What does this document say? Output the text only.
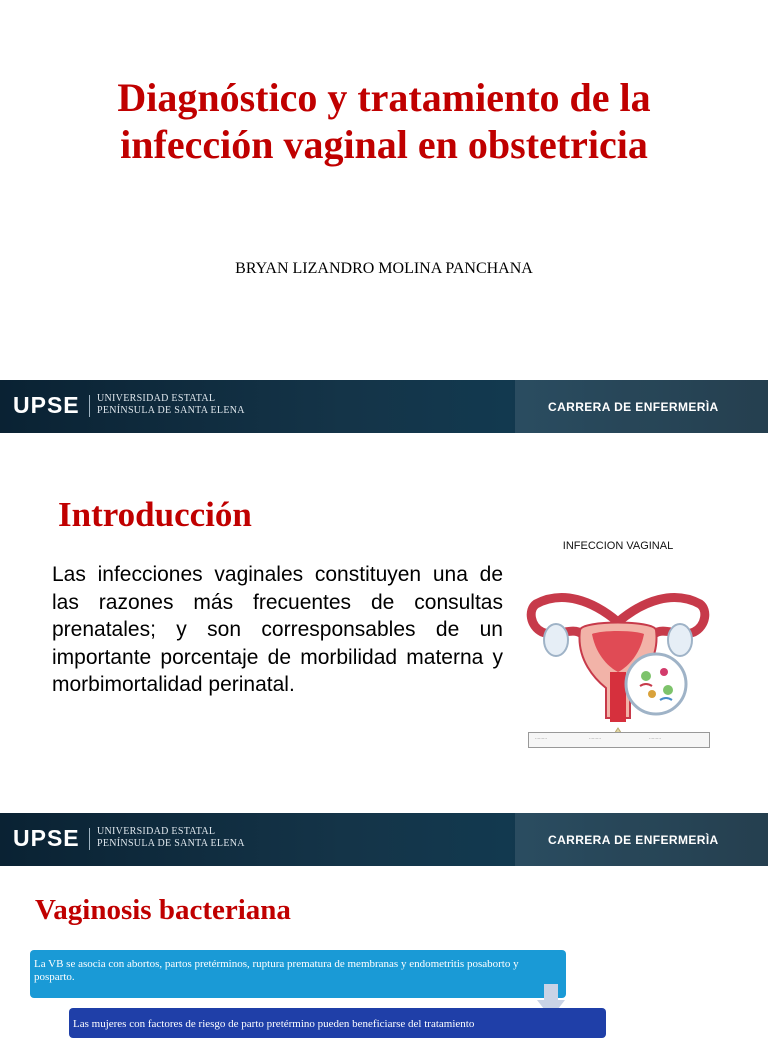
Diagnóstico y tratamiento de la infección vaginal en obstetricia
BRYAN LIZANDRO MOLINA PANCHANA
UPSE UNIVERSIDAD ESTATAL
PENÍNSULA DE SANTA ELENA	CARRERA DE ENFERMERÌA
Introducción

Las infecciones vaginales constituyen una de las razones más frecuentes de consultas prenatales; y son corresponsables de un importante porcentaje de morbilidad materna y morbimortalidad perinatal.

INFECCION VAGINAL
·········	·········	·········
UPSE UNIVERSIDAD ESTATAL
PENÍNSULA DE SANTA ELENA	CARRERA DE ENFERMERÌA
Vaginosis bacteriana

La VB se asocia con abortos, partos pretérminos, ruptura prematura de membranas y endometritis posaborto y posparto.

Las mujeres con factores de riesgo de parto pretérmino pueden beneficiarse del tratamiento
